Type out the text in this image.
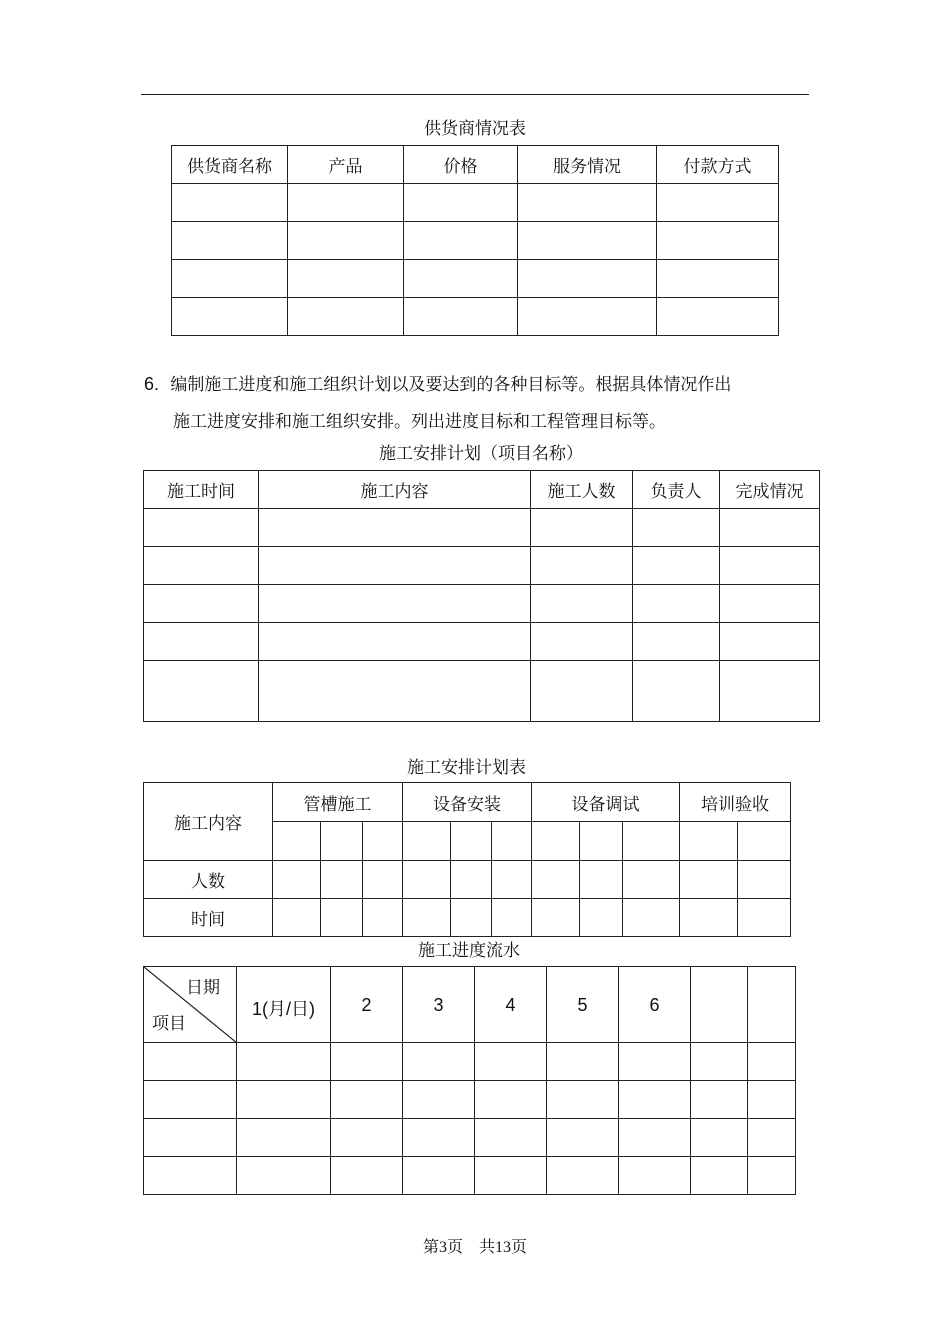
供货商情况表
供货商名称	产品	价格	服务情况	付款方式

6. 编制施工进度和施工组织计划以及要达到的各种目标等。根据具体情况作出
施工进度安排和施工组织安排。列出进度目标和工程管理目标等。
施工安排计划（项目名称）
施工时间	施工内容	施工人数	负责人	完成情况

施工安排计划表
施工内容	管槽施工			设备安装			设备调试			培训验收	

人数											
时间											
施工进度流水
日期
项目	1(月/日)	2	3	4	5	6		

第3页 共13页
